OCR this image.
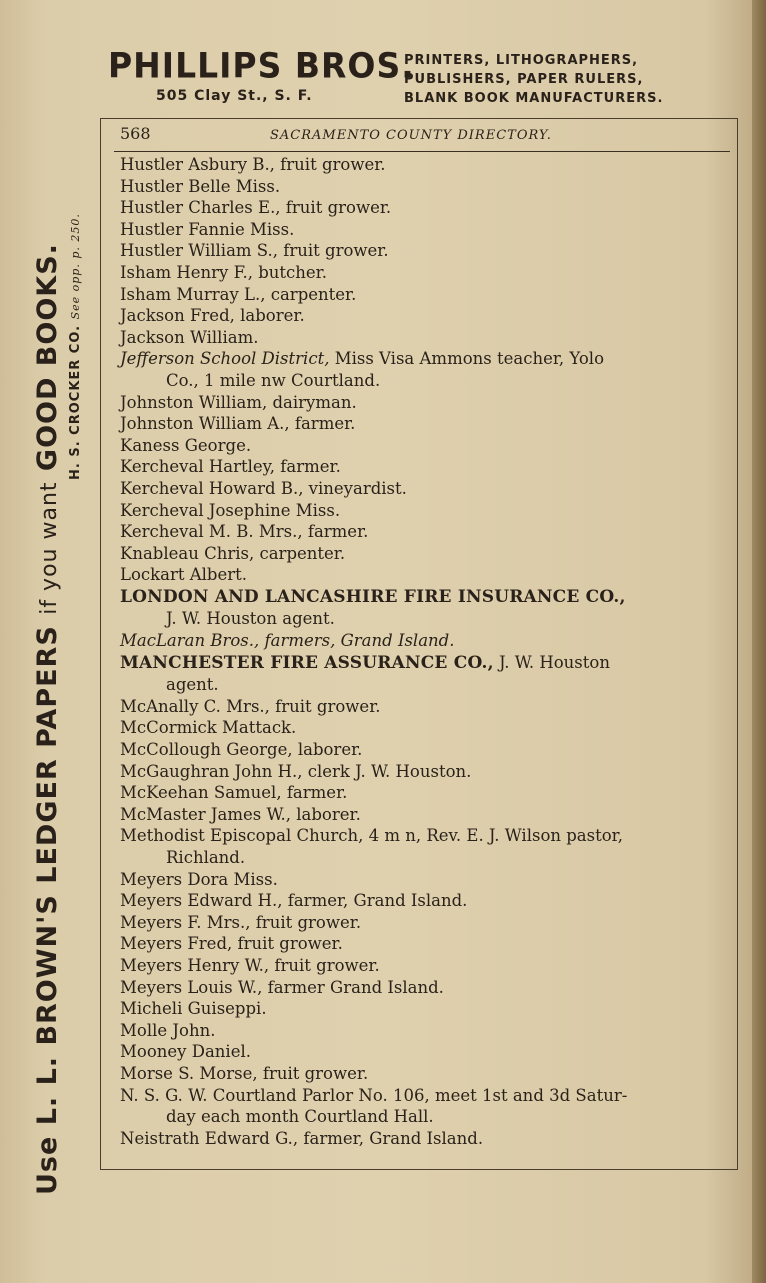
PHILLIPS BROS.
505 Clay St., S. F.
PRINTERS, LITHOGRAPHERS,
PUBLISHERS, PAPER RULERS,
BLANK BOOK MANUFACTURERS.
Use L. L. BROWN'S LEDGER PAPERS if you want GOOD BOOKS. H. S. CROCKER CO. See opp. p. 250.
568	SACRAMENTO COUNTY DIRECTORY.
Hustler Asbury B., fruit grower.
Hustler Belle Miss.
Hustler Charles E., fruit grower.
Hustler Fannie Miss.
Hustler William S., fruit grower.
Isham Henry F., butcher.
Isham Murray L., carpenter.
Jackson Fred, laborer.
Jackson William.
Jefferson School District, Miss Visa Ammons teacher, Yolo
Co., 1 mile nw Courtland.
Johnston William, dairyman.
Johnston William A., farmer.
Kaness George.
Kercheval Hartley, farmer.
Kercheval Howard B., vineyardist.
Kercheval Josephine Miss.
Kercheval M. B. Mrs., farmer.
Knableau Chris, carpenter.
Lockart Albert.
LONDON AND LANCASHIRE FIRE INSURANCE CO.,
J. W. Houston agent.
MacLaran Bros., farmers, Grand Island.
MANCHESTER FIRE ASSURANCE CO., J. W. Houston
agent.
McAnally C. Mrs., fruit grower.
McCormick Mattack.
McCollough George, laborer.
McGaughran John H., clerk J. W. Houston.
McKeehan Samuel, farmer.
McMaster James W., laborer.
Methodist Episcopal Church, 4 m n, Rev. E. J. Wilson pastor,
Richland.
Meyers Dora Miss.
Meyers Edward H., farmer, Grand Island.
Meyers F. Mrs., fruit grower.
Meyers Fred, fruit grower.
Meyers Henry W., fruit grower.
Meyers Louis W., farmer Grand Island.
Micheli Guiseppi.
Molle John.
Mooney Daniel.
Morse S. Morse, fruit grower.
N. S. G. W. Courtland Parlor No. 106, meet 1st and 3d Satur-
day each month Courtland Hall.
Neistrath Edward G., farmer, Grand Island.
